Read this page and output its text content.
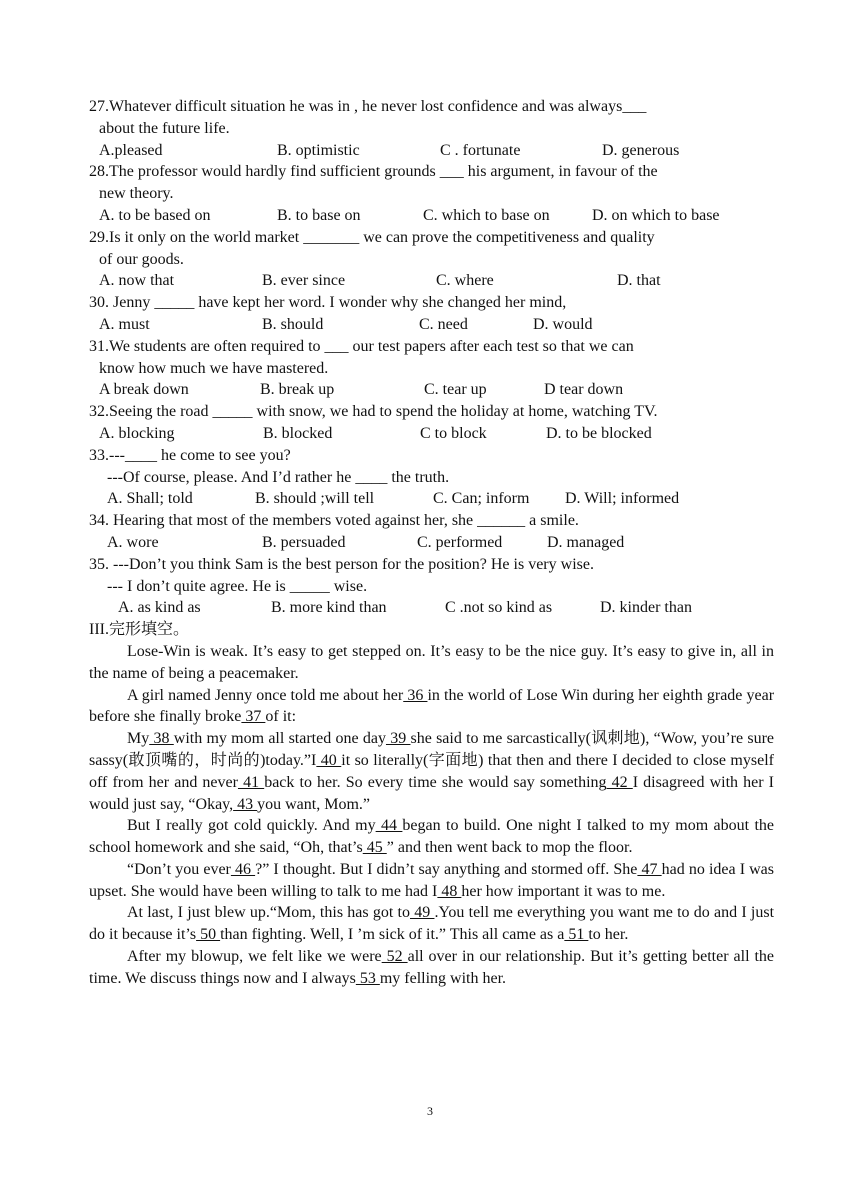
27.Whatever difficult situation he was in , he never lost confidence and was always___
about the future life.
A.pleased	B. optimistic	C . fortunate	D. generous
28.The professor would hardly find sufficient grounds ___ his argument, in favour of the
new theory.
A. to be based on	B. to base on	C. which to base on	D. on which to base
29.Is it only on the world market _______ we can prove the competitiveness and quality
of our goods.
A. now that	B. ever since	C. where	D. that
30. Jenny _____ have kept her word. I wonder why she changed her mind,
A. must	B. should	C. need	D. would
31.We students are often required to ___ our test papers after each test so that we can
know how much we have mastered.
A break down	B. break up	C. tear up	D tear down
32.Seeing the road _____ with snow, we had to spend the holiday at home, watching TV.
A. blocking	B. blocked	C to block	D. to be blocked
33.---____ he come to see you?
---Of course, please. And I’d rather he ____ the truth.
A. Shall; told	B. should ;will tell	C. Can; inform D. Will; informed
34. Hearing that most of the members voted against her, she ______ a smile.
A. wore	B. persuaded	C. performed	D. managed
35. ---Don’t you think Sam is the best person for the position? He is very wise.
--- I don’t quite agree. He is _____ wise.
A. as kind as	B. more kind than	C .not so kind as	D. kinder than
III.完形填空。

Lose-Win is weak. It’s easy to get stepped on. It’s easy to be the nice guy. It’s easy to give in, all in the name of being a peacemaker.

A girl named Jenny once told me about her 36 in the world of Lose Win during her eighth grade year before she finally broke 37 of it:

My 38 with my mom all started one day 39 she said to me sarcastically(讽刺地), “Wow, you’re sure sassy(敢顶嘴的，时尚的)today.”I 40 it so literally(字面地) that then and there I decided to close myself off from her and never 41 back to her. So every time she would say something 42 I disagreed with her I would just say, “Okay, 43 you want, Mom.”

But I really got cold quickly. And my 44 began to build. One night I talked to my mom about the school homework and she said, “Oh, that’s 45 ” and then went back to mop the floor.

“Don’t you ever 46 ?” I thought. But I didn’t say anything and stormed off. She 47 had no idea I was upset. She would have been willing to talk to me had I 48 her how important it was to me.

At last, I just blew up.“Mom, this has got to 49 .You tell me everything you want me to do and I just do it because it’s 50 than fighting. Well, I ’m sick of it.” This all came as a 51 to her.

After my blowup, we felt like we were 52 all over in our relationship. But it’s getting better all the time. We discuss things now and I always 53 my felling with her.

3
